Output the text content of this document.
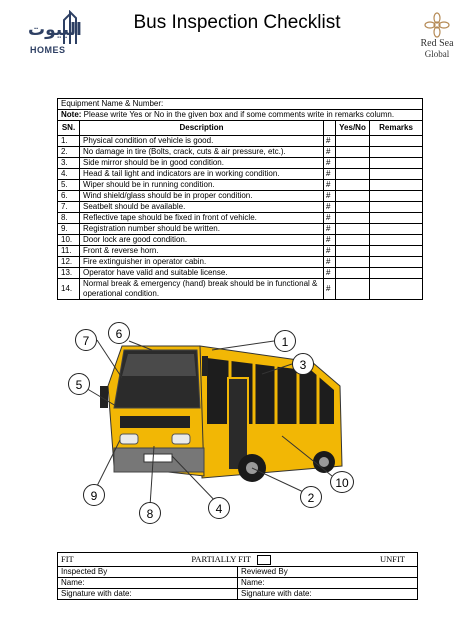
البيوت
HOMES
Bus Inspection Checklist
Red Sea
Global
Equipment Name & Number:				
Note: Please write Yes or No in the given box and if some comments write in remarks column.				
SN.	Description		Yes/No	Remarks
1.	Physical condition of vehicle is good.	#		
2.	No damage in tire (Bolts, crack, cuts & air pressure, etc.).	#		
3.	Side mirror should be in good condition.	#		
4.	Head & tail light and indicators are in working condition.	#		
5.	Wiper should be in running condition.	#		
6.	Wind shield/glass should be in proper condition.	#		
7.	Seatbelt should be available.	#		
8.	Reflective tape should be fixed in front of vehicle.	#		
9.	Registration number should be written.	#		
10.	Door lock are good condition.	#		
11.	Front & reverse horn.	#		
12.	Fire extinguisher in operator cabin.	#		
13.	Operator have valid and suitable license.	#		
14.	Normal break & emergency (hand) break should be in functional & operational condition.	#		
1
2
3
4
5
6
7
8
9
10
FIT PARTIALLY FIT UNFIT	
Inspected By	Reviewed By
Name:	Name:
Signature with date:	Signature with date:
